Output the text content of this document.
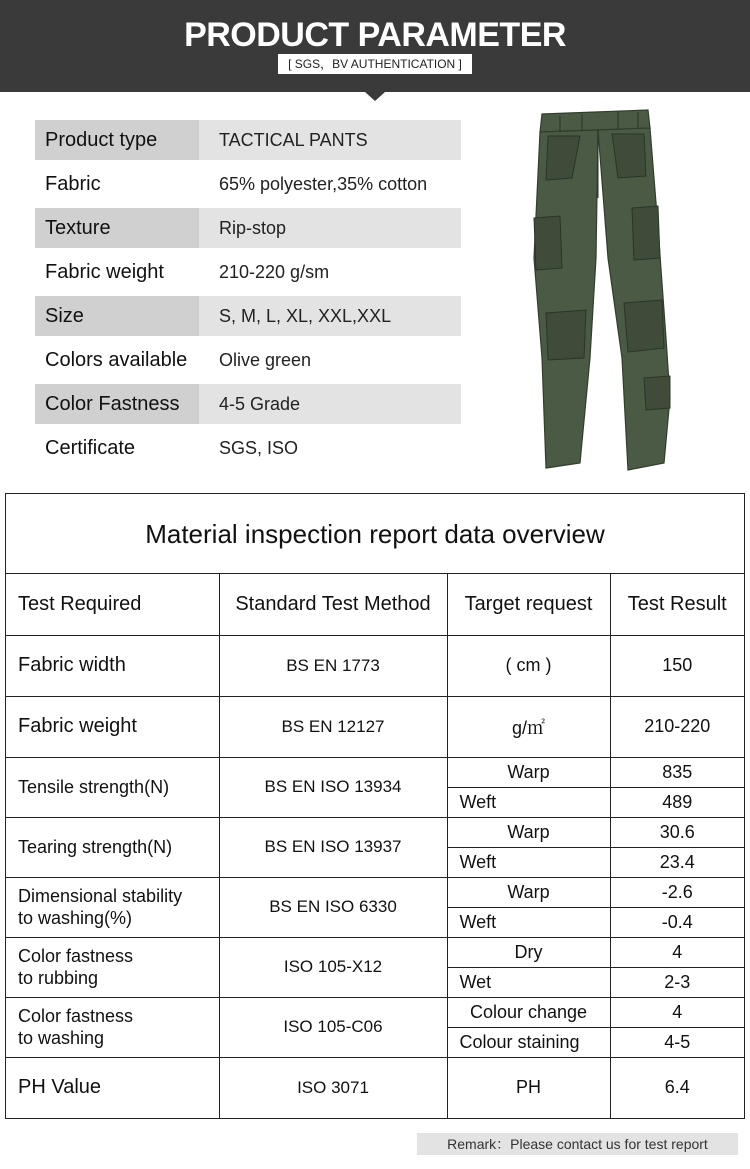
PRODUCT PARAMETER
[ SGS，BV AUTHENTICATION ]
Product type	TACTICAL PANTS
Fabric	65% polyester,35% cotton
Texture	Rip-stop
Fabric weight	210-220 g/sm
Size	S, M, L, XL, XXL,XXL
Colors available	Olive green
Color Fastness	4-5 Grade
Certificate	SGS, ISO
Material inspection report data overview
Test Required	Standard Test Method	Target request	Test Result
Fabric width	BS EN 1773	( cm )	150
Fabric weight	BS EN 12127	g/㎡	210-220
Tensile strength(N)	BS EN ISO 13934	Warp	835
		Weft	489
Tearing strength(N)	BS EN ISO 13937	Warp	30.6
		Weft	23.4

Dimensional stability
to washing(%)	BS EN ISO 6330	Warp	-2.6
		Weft	-0.4

Color fastness
to rubbing	ISO 105-X12	Dry	4
		Wet	2-3

Color fastness
to washing	ISO 105-C06	Colour change	4
		Colour staining	4-5
PH Value	ISO 3071	PH	6.4
Remark：Please contact us for test report
